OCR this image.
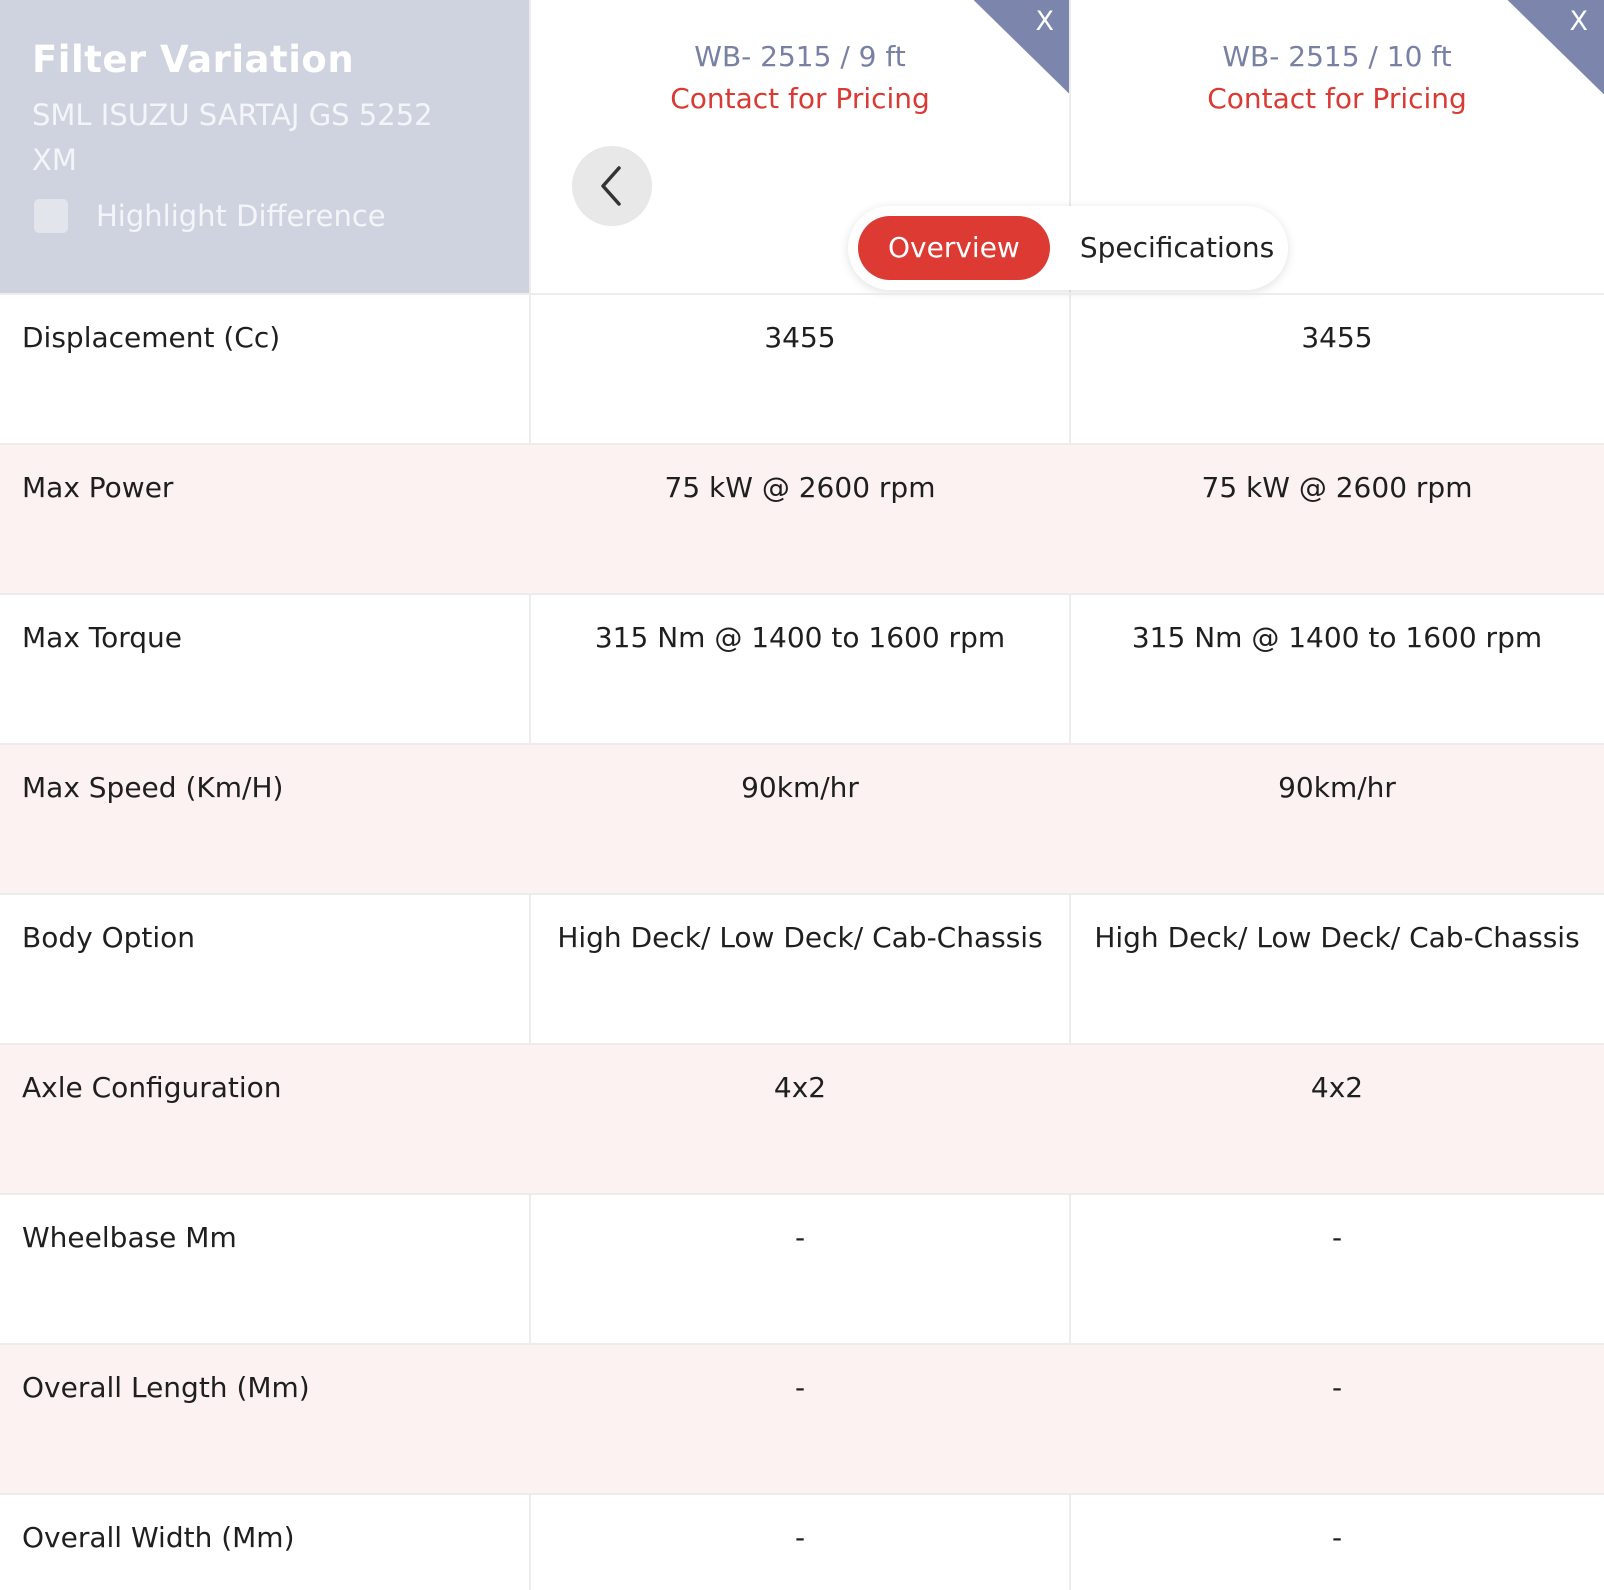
Filter Variation
SML ISUZU SARTAJ GS 5252 XM
Highlight Difference
WB- 2515 / 9 ft
Contact for Pricing
X
WB- 2515 / 10 ft
Contact for Pricing
X
Overview	Specifications
Displacement (Cc)	3455	3455
Max Power	75 kW @ 2600 rpm	75 kW @ 2600 rpm
Max Torque	315 Nm @ 1400 to 1600 rpm	315 Nm @ 1400 to 1600 rpm
Max Speed (Km/H)	90km/hr	90km/hr
Body Option	High Deck/ Low Deck/ Cab-Chassis	High Deck/ Low Deck/ Cab-Chassis
Axle Configuration	4x2	4x2
Wheelbase Mm	-	-
Overall Length (Mm)	-	-
Overall Width (Mm)	-	-
